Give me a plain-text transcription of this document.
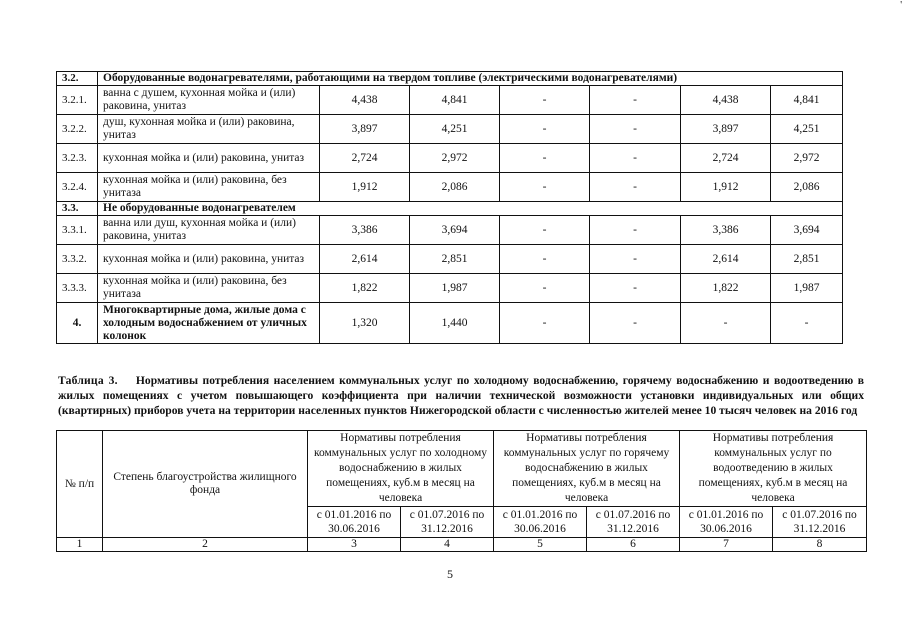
'
3.2.	Оборудованные водонагревателями, работающими на твердом топливе (электрическими водонагревателями)						
3.2.1.	ванна с душем, кухонная мойка и (или) раковина, унитаз	4,438	4,841	-	-	4,438	4,841
3.2.2.	душ, кухонная мойка и (или) раковина, унитаз	3,897	4,251	-	-	3,897	4,251
3.2.3.	кухонная мойка и (или) раковина, унитаз	2,724	2,972	-	-	2,724	2,972
3.2.4.	кухонная мойка и (или) раковина, без унитаза	1,912	2,086	-	-	1,912	2,086
3.3.	Не оборудованные водонагревателем						
3.3.1.	ванна или душ, кухонная мойка и (или) раковина, унитаз	3,386	3,694	-	-	3,386	3,694
3.3.2.	кухонная мойка и (или) раковина, унитаз	2,614	2,851	-	-	2,614	2,851
3.3.3.	кухонная мойка и (или) раковина, без унитаза	1,822	1,987	-	-	1,822	1,987
4.	Многоквартирные дома, жилые дома с холодным водоснабжением от уличных колонок	1,320	1,440	-	-	-	-
Таблица 3. Нормативы потребления населением коммунальных услуг по холодному водоснабжению, горячему водоснабжению и водоотведению в жилых помещениях с учетом повышающего коэффициента при наличии технической возможности установки индивидуальных или общих (квартирных) приборов учета на территории населенных пунктов Нижегородской области с численностью жителей менее 10 тысяч человек на 2016 год
№ п/п	Степень благоустройства жилищного фонда	Нормативы потребления коммунальных услуг по холодному водоснабжению в жилых помещениях, куб.м в месяц на человека		Нормативы потребления коммунальных услуг по горячему водоснабжению в жилых помещениях, куб.м в месяц на человека		Нормативы потребления коммунальных услуг по водоотведению в жилых помещениях, куб.м в месяц на человека	
		с 01.01.2016 по 30.06.2016	с 01.07.2016 по 31.12.2016	с 01.01.2016 по 30.06.2016	с 01.07.2016 по 31.12.2016	с 01.01.2016 по 30.06.2016	с 01.07.2016 по 31.12.2016
1	2	3	4	5	6	7	8
5
